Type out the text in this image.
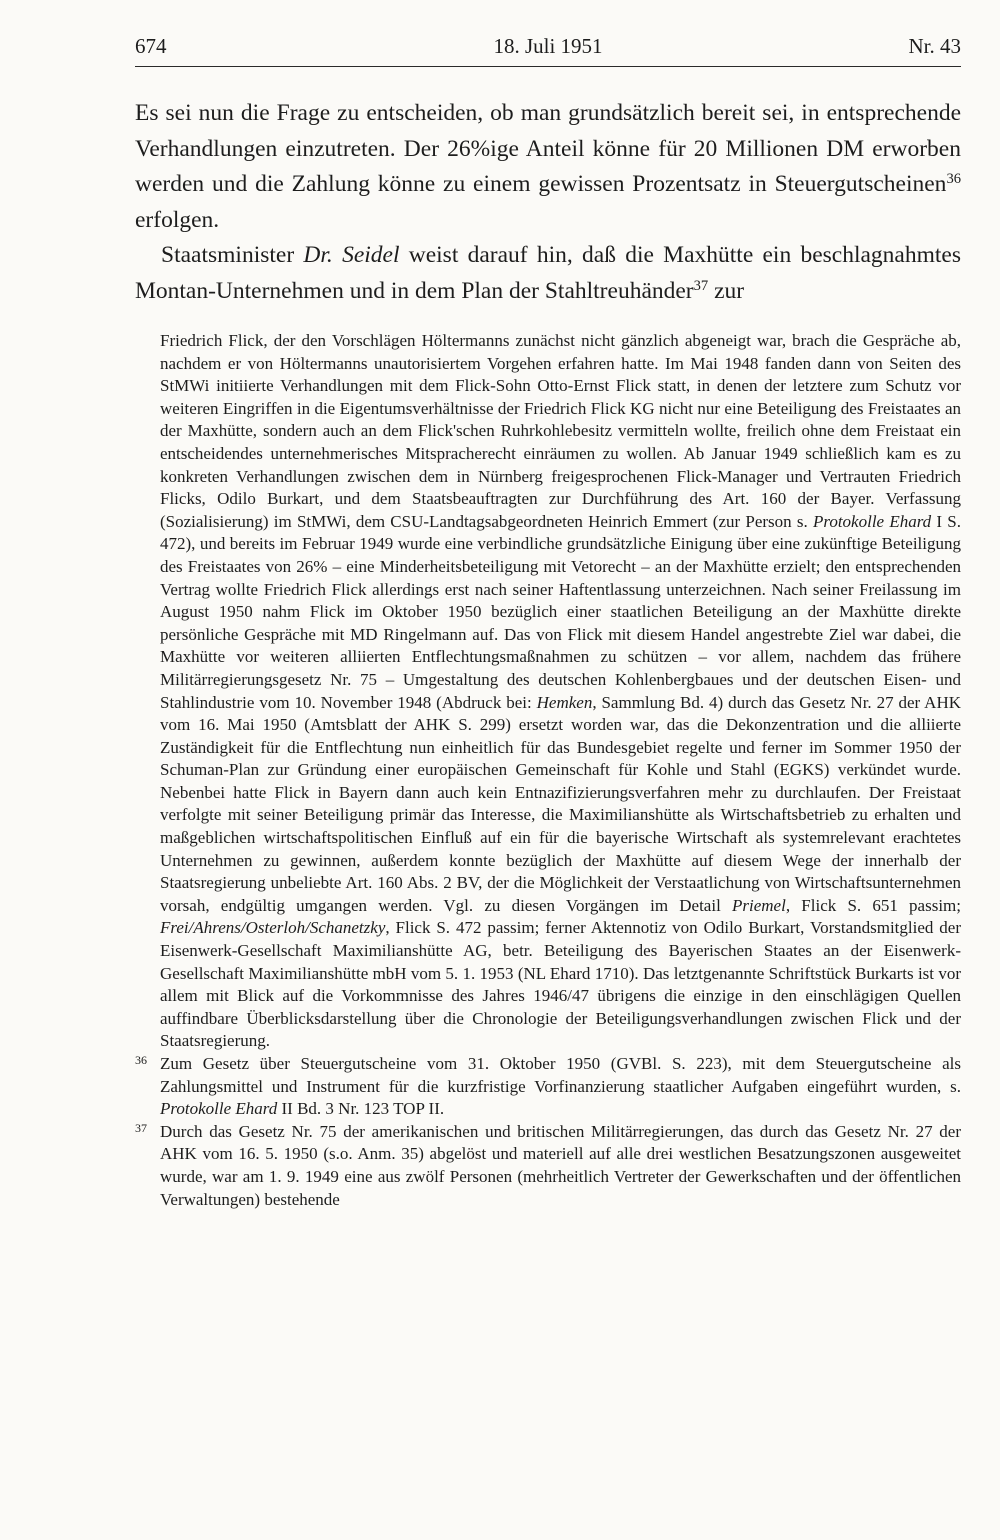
674	18. Juli 1951	Nr. 43

Es sei nun die Frage zu entscheiden, ob man grundsätzlich bereit sei, in entsprechende Verhandlungen einzutreten. Der 26%ige Anteil könne für 20 Millionen DM erworben werden und die Zahlung könne zu einem gewissen Prozentsatz in Steuergutscheinen$^{36}$ erfolgen.

Staatsminister Dr. Seidel weist darauf hin, daß die Maxhütte ein beschlagnahmtes Montan-Unternehmen und in dem Plan der Stahltreuhänder$^{37}$ zur

Friedrich Flick, der den Vorschlägen Höltermanns zunächst nicht gänzlich abgeneigt war, brach die Gespräche ab, nachdem er von Höltermanns unautorisiertem Vorgehen erfahren hatte. Im Mai 1948 fanden dann von Seiten des StMWi initiierte Verhandlungen mit dem Flick-Sohn Otto-Ernst Flick statt, in denen der letztere zum Schutz vor weiteren Eingriffen in die Eigentumsverhältnisse der Friedrich Flick KG nicht nur eine Beteiligung des Freistaates an der Maxhütte, sondern auch an dem Flick'schen Ruhrkohlebesitz vermitteln wollte, freilich ohne dem Freistaat ein entscheidendes unternehmerisches Mitspracherecht einräumen zu wollen. Ab Januar 1949 schließlich kam es zu konkreten Verhandlungen zwischen dem in Nürnberg freigesprochenen Flick-Manager und Vertrauten Friedrich Flicks, Odilo Burkart, und dem Staatsbeauftragten zur Durchführung des Art. 160 der Bayer. Verfassung (Sozialisierung) im StMWi, dem CSU-Landtagsabgeordneten Heinrich Emmert (zur Person s. Protokolle Ehard I S. 472), und bereits im Februar 1949 wurde eine verbindliche grundsätzliche Einigung über eine zukünftige Beteiligung des Freistaates von 26% – eine Minderheitsbeteiligung mit Vetorecht – an der Maxhütte erzielt; den entsprechenden Vertrag wollte Friedrich Flick allerdings erst nach seiner Haftentlassung unterzeichnen. Nach seiner Freilassung im August 1950 nahm Flick im Oktober 1950 bezüglich einer staatlichen Beteiligung an der Maxhütte direkte persönliche Gespräche mit MD Ringelmann auf. Das von Flick mit diesem Handel angestrebte Ziel war dabei, die Maxhütte vor weiteren alliierten Entflechtungsmaßnahmen zu schützen – vor allem, nachdem das frühere Militärregierungsgesetz Nr. 75 – Umgestaltung des deutschen Kohlenbergbaues und der deutschen Eisen- und Stahlindustrie vom 10. November 1948 (Abdruck bei: Hemken, Sammlung Bd. 4) durch das Gesetz Nr. 27 der AHK vom 16. Mai 1950 (Amtsblatt der AHK S. 299) ersetzt worden war, das die Dekonzentration und die alliierte Zuständigkeit für die Entflechtung nun einheitlich für das Bundesgebiet regelte und ferner im Sommer 1950 der Schuman-Plan zur Gründung einer europäischen Gemeinschaft für Kohle und Stahl (EGKS) verkündet wurde. Nebenbei hatte Flick in Bayern dann auch kein Entnazifizierungsverfahren mehr zu durchlaufen. Der Freistaat verfolgte mit seiner Beteiligung primär das Interesse, die Maximilianshütte als Wirtschaftsbetrieb zu erhalten und maßgeblichen wirtschaftspolitischen Einfluß auf ein für die bayerische Wirtschaft als systemrelevant erachtetes Unternehmen zu gewinnen, außerdem konnte bezüglich der Maxhütte auf diesem Wege der innerhalb der Staatsregierung unbeliebte Art. 160 Abs. 2 BV, der die Möglichkeit der Verstaatlichung von Wirtschaftsunternehmen vorsah, endgültig umgangen werden. Vgl. zu diesen Vorgängen im Detail Priemel, Flick S. 651 passim; Frei/Ahrens/Osterloh/Schanetzky, Flick S. 472 passim; ferner Aktennotiz von Odilo Burkart, Vorstandsmitglied der Eisenwerk-Gesellschaft Maximilianshütte AG, betr. Beteiligung des Bayerischen Staates an der Eisenwerk-Gesellschaft Maximilianshütte mbH vom 5. 1. 1953 (NL Ehard 1710). Das letztgenannte Schriftstück Burkarts ist vor allem mit Blick auf die Vorkommnisse des Jahres 1946/47 übrigens die einzige in den einschlägigen Quellen auffindbare Überblicksdarstellung über die Chronologie der Beteiligungsverhandlungen zwischen Flick und der Staatsregierung.

36 Zum Gesetz über Steuergutscheine vom 31. Oktober 1950 (GVBl. S. 223), mit dem Steuergutscheine als Zahlungsmittel und Instrument für die kurzfristige Vorfinanzierung staatlicher Aufgaben eingeführt wurden, s. Protokolle Ehard II Bd. 3 Nr. 123 TOP II.

37 Durch das Gesetz Nr. 75 der amerikanischen und britischen Militärregierungen, das durch das Gesetz Nr. 27 der AHK vom 16. 5. 1950 (s.o. Anm. 35) abgelöst und materiell auf alle drei westlichen Besatzungszonen ausgeweitet wurde, war am 1. 9. 1949 eine aus zwölf Personen (mehrheitlich Vertreter der Gewerkschaften und der öffentlichen Verwaltungen) bestehende
